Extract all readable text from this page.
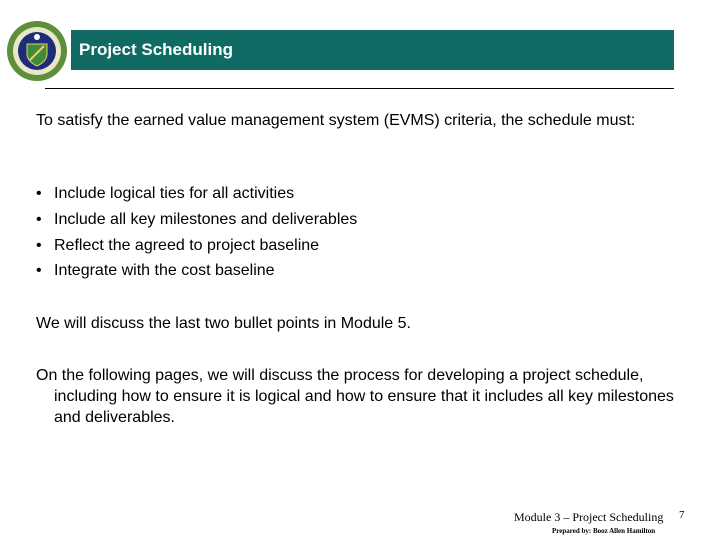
Project Scheduling
To satisfy the earned value management system (EVMS) criteria, the schedule must:
• Include logical ties for all activities
• Include all key milestones and deliverables
• Reflect the agreed to project baseline
• Integrate with the cost baseline
We will discuss the last two bullet points in Module 5.
On the following pages, we will discuss the process for developing a project schedule, including how to ensure it is logical and how to ensure that it includes all key milestones and deliverables.
Module 3 – Project Scheduling
Prepared by: Booz Allen Hamilton
7
